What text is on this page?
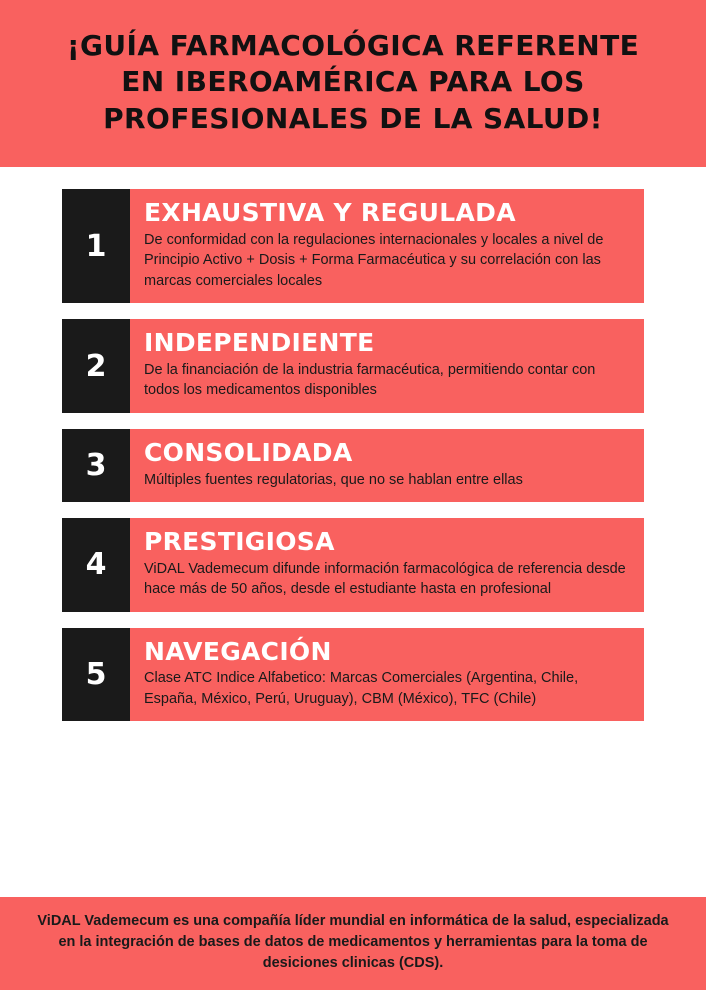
¡GUÍA FARMACOLÓGICA REFERENTE EN IBEROAMÉRICA PARA LOS PROFESIONALES DE LA SALUD!
1
EXHAUSTIVA Y REGULADA

De conformidad con la regulaciones internacionales y locales a nivel de Principio Activo + Dosis + Forma Farmacéutica y su correlación con las marcas comerciales locales

2
INDEPENDIENTE

De la financiación de la industria farmacéutica, permitiendo contar con todos los medicamentos disponibles

3	CONSOLIDADA

Múltiples fuentes regulatorias, que no se hablan entre ellas

4
PRESTIGIOSA

ViDAL Vademecum difunde información farmacológica de referencia desde hace más de 50 años, desde el estudiante hasta en profesional

5
NAVEGACIÓN

Clase ATC Indice Alfabetico: Marcas Comerciales (Argentina, Chile, España, México, Perú, Uruguay), CBM (México), TFC (Chile)

ViDAL Vademecum es una compañía líder mundial en informática de la salud, especializada en la integración de bases de datos de medicamentos y herramientas para la toma de desiciones clinicas (CDS).
